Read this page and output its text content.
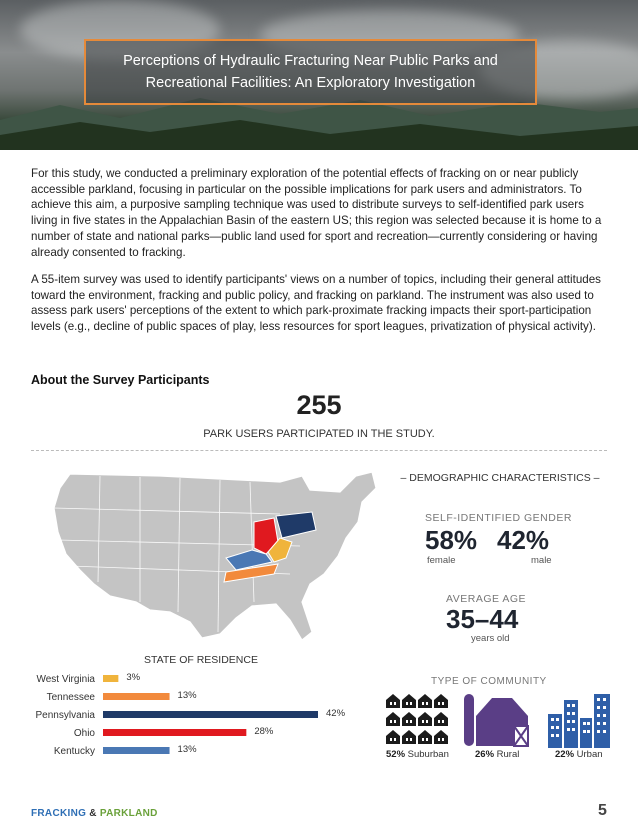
Perceptions of Hydraulic Fracturing Near Public Parks and Recreational Facilities: An Exploratory Investigation

For this study, we conducted a preliminary exploration of the potential effects of fracking on or near publicly accessible parkland, focusing in particular on the possible implications for park users and administrators. To achieve this aim, a purposive sampling technique was used to distribute surveys to self-identified park users living in five states in the Appalachian Basin of the eastern US; this region was selected because it is home to a number of state and national parks—public land used for sport and recreation—currently considering or having already consented to fracking.

A 55-item survey was used to identify participants' views on a number of topics, including their general attitudes toward the environment, fracking and public policy, and fracking on parkland. The instrument was also used to assess park users' perceptions of the extent to which park-proximate fracking impacts their sport-participation levels (e.g., decline of public spaces of play, less resources for sport leagues, privatization of physical activity).

About the Survey Participants
255
PARK USERS PARTICIPATED IN THE STUDY.
– DEMOGRAPHIC CHARACTERISTICS –
SELF-IDENTIFIED GENDER
58%
female
42%
male
AVERAGE AGE
35–44
years old
TYPE OF COMMUNITY
52% Suburban	26% Rural	22% Urban
STATE OF RESIDENCE
West Virginia	3%
Tennessee	13%
Pennsylvania	42%
Ohio	28%
Kentucky	13%
FRACKING & PARKLAND	5
